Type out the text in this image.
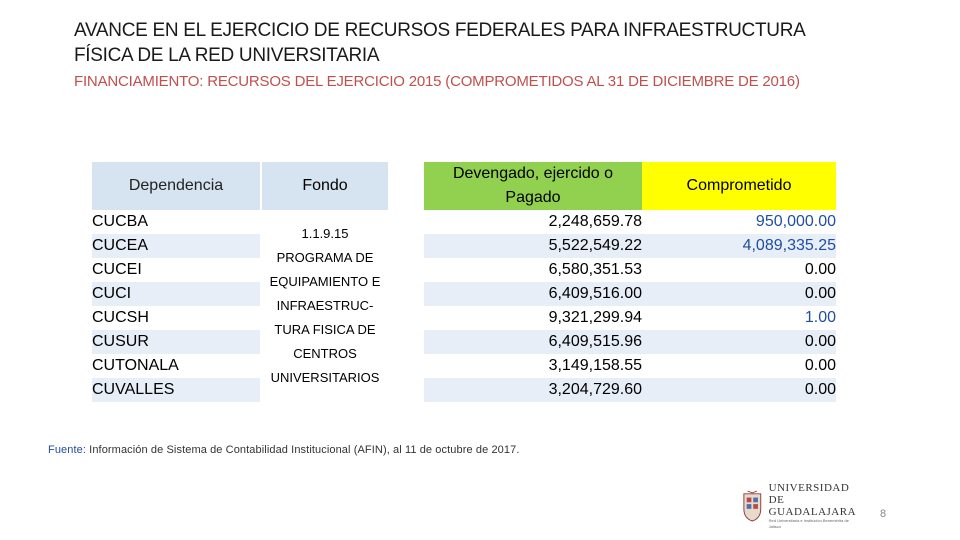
AVANCE EN EL EJERCICIO DE RECURSOS FEDERALES PARA INFRAESTRUCTURA FÍSICA DE LA RED UNIVERSITARIA
FINANCIAMIENTO: RECURSOS DEL EJERCICIO 2015 (COMPROMETIDOS AL 31 DE DICIEMBRE DE 2016)
Dependencia		Fondo		Devengado, ejercido o Pagado	Comprometido
CUCBA		1.1.9.15 PROGRAMA DE EQUIPAMIENTO E INFRAESTRUC-TURA FISICA DE CENTROS UNIVERSITARIOS		2,248,659.78	950,000.00
CUCEA				5,522,549.22	4,089,335.25
CUCEI				6,580,351.53	0.00
CUCI				6,409,516.00	0.00
CUCSH				9,321,299.94	1.00
CUSUR				6,409,515.96	0.00
CUTONALA				3,149,158.55	0.00
CUVALLES				3,204,729.60	0.00
Fuente: Información de Sistema de Contabilidad Institucional (AFIN), al 11 de octubre de 2017.
UNIVERSIDAD DE
GUADALAJARA
Red Universitaria e Institución Benemérita de Jalisco
8
